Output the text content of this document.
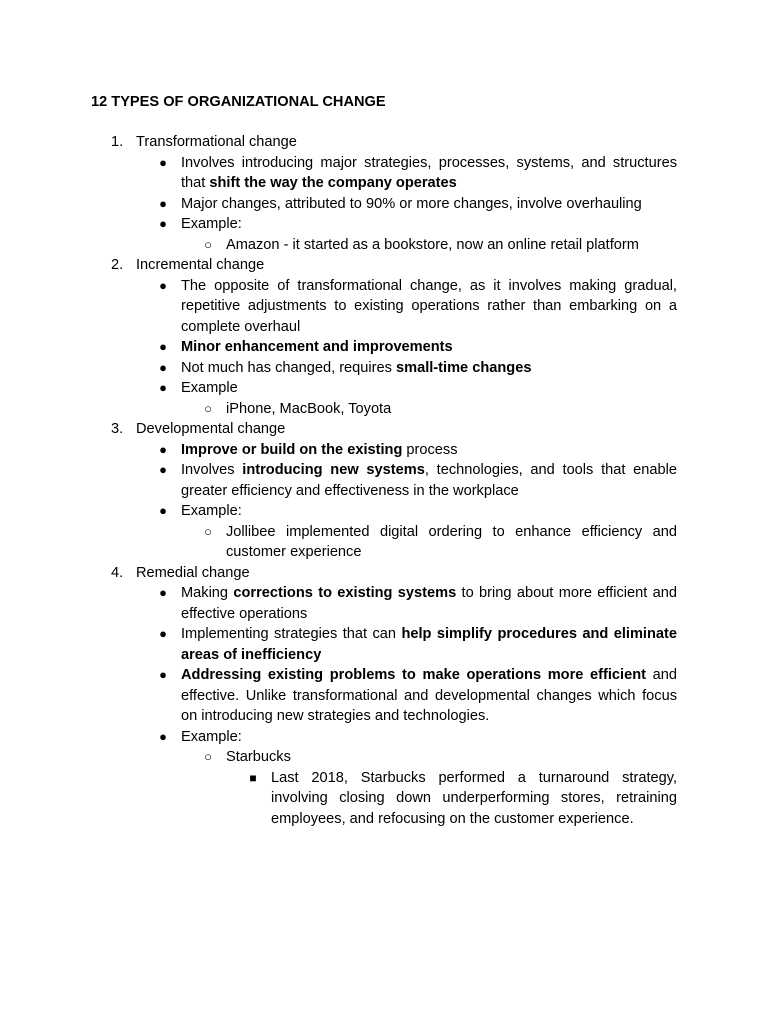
12 TYPES OF ORGANIZATIONAL CHANGE
1. Transformational change
● Involves introducing major strategies, processes, systems, and structures that shift the way the company operates
● Major changes, attributed to 90% or more changes, involve overhauling
● Example:
○ Amazon - it started as a bookstore, now an online retail platform
2. Incremental change
● The opposite of transformational change, as it involves making gradual, repetitive adjustments to existing operations rather than embarking on a complete overhaul
● Minor enhancement and improvements
● Not much has changed, requires small-time changes
● Example
○ iPhone, MacBook, Toyota
3. Developmental change
● Improve or build on the existing process
● Involves introducing new systems, technologies, and tools that enable greater efficiency and effectiveness in the workplace
● Example:
○ Jollibee implemented digital ordering to enhance efficiency and customer experience
4. Remedial change
● Making corrections to existing systems to bring about more efficient and effective operations
● Implementing strategies that can help simplify procedures and eliminate areas of inefficiency
● Addressing existing problems to make operations more efficient and effective. Unlike transformational and developmental changes which focus on introducing new strategies and technologies.
● Example:
○ Starbucks
■ Last 2018, Starbucks performed a turnaround strategy, involving closing down underperforming stores, retraining employees, and refocusing on the customer experience.
